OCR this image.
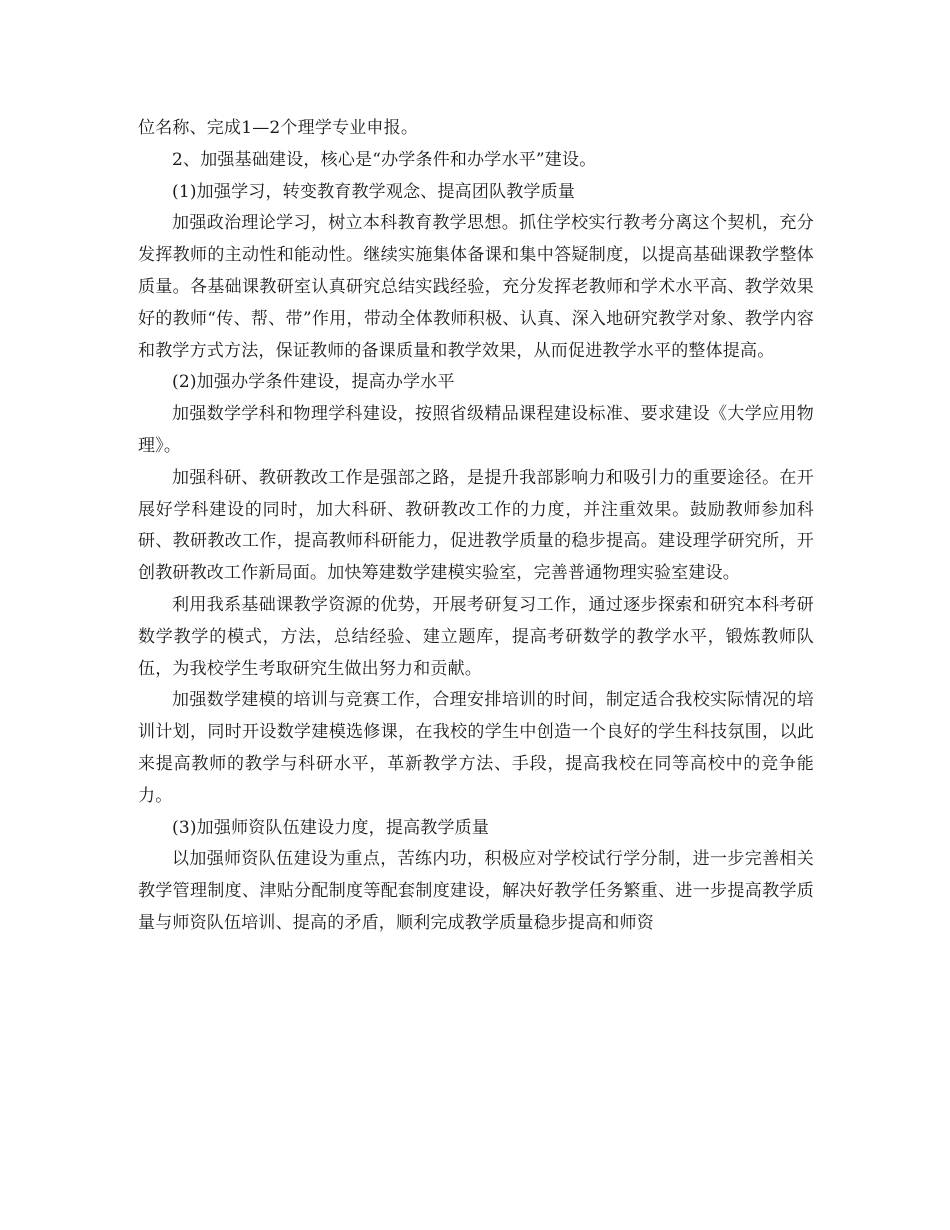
位名称、完成1—2个理学专业申报。

2、加强基础建设，核心是“办学条件和办学水平”建设。

(1)加强学习，转变教育教学观念、提高团队教学质量

加强政治理论学习，树立本科教育教学思想。抓住学校实行教考分离这个契机，充分发挥教师的主动性和能动性。继续实施集体备课和集中答疑制度，以提高基础课教学整体质量。各基础课教研室认真研究总结实践经验，充分发挥老教师和学术水平高、教学效果好的教师“传、帮、带”作用，带动全体教师积极、认真、深入地研究教学对象、教学内容和教学方式方法，保证教师的备课质量和教学效果，从而促进教学水平的整体提高。

(2)加强办学条件建设，提高办学水平

加强数学学科和物理学科建设，按照省级精品课程建设标准、要求建设《大学应用物理》。

加强科研、教研教改工作是强部之路，是提升我部影响力和吸引力的重要途径。在开展好学科建设的同时，加大科研、教研教改工作的力度，并注重效果。鼓励教师参加科研、教研教改工作，提高教师科研能力，促进教学质量的稳步提高。建设理学研究所，开创教研教改工作新局面。加快筹建数学建模实验室，完善普通物理实验室建设。

利用我系基础课教学资源的优势，开展考研复习工作，通过逐步探索和研究本科考研数学教学的模式，方法，总结经验、建立题库，提高考研数学的教学水平，锻炼教师队伍，为我校学生考取研究生做出努力和贡献。

加强数学建模的培训与竞赛工作，合理安排培训的时间，制定适合我校实际情况的培训计划，同时开设数学建模选修课，在我校的学生中创造一个良好的学生科技氛围，以此来提高教师的教学与科研水平，革新教学方法、手段，提高我校在同等高校中的竞争能力。

(3)加强师资队伍建设力度，提高教学质量

以加强师资队伍建设为重点，苦练内功，积极应对学校试行学分制，进一步完善相关教学管理制度、津贴分配制度等配套制度建设，解决好教学任务繁重、进一步提高教学质量与师资队伍培训、提高的矛盾，顺利完成教学质量稳步提高和师资
